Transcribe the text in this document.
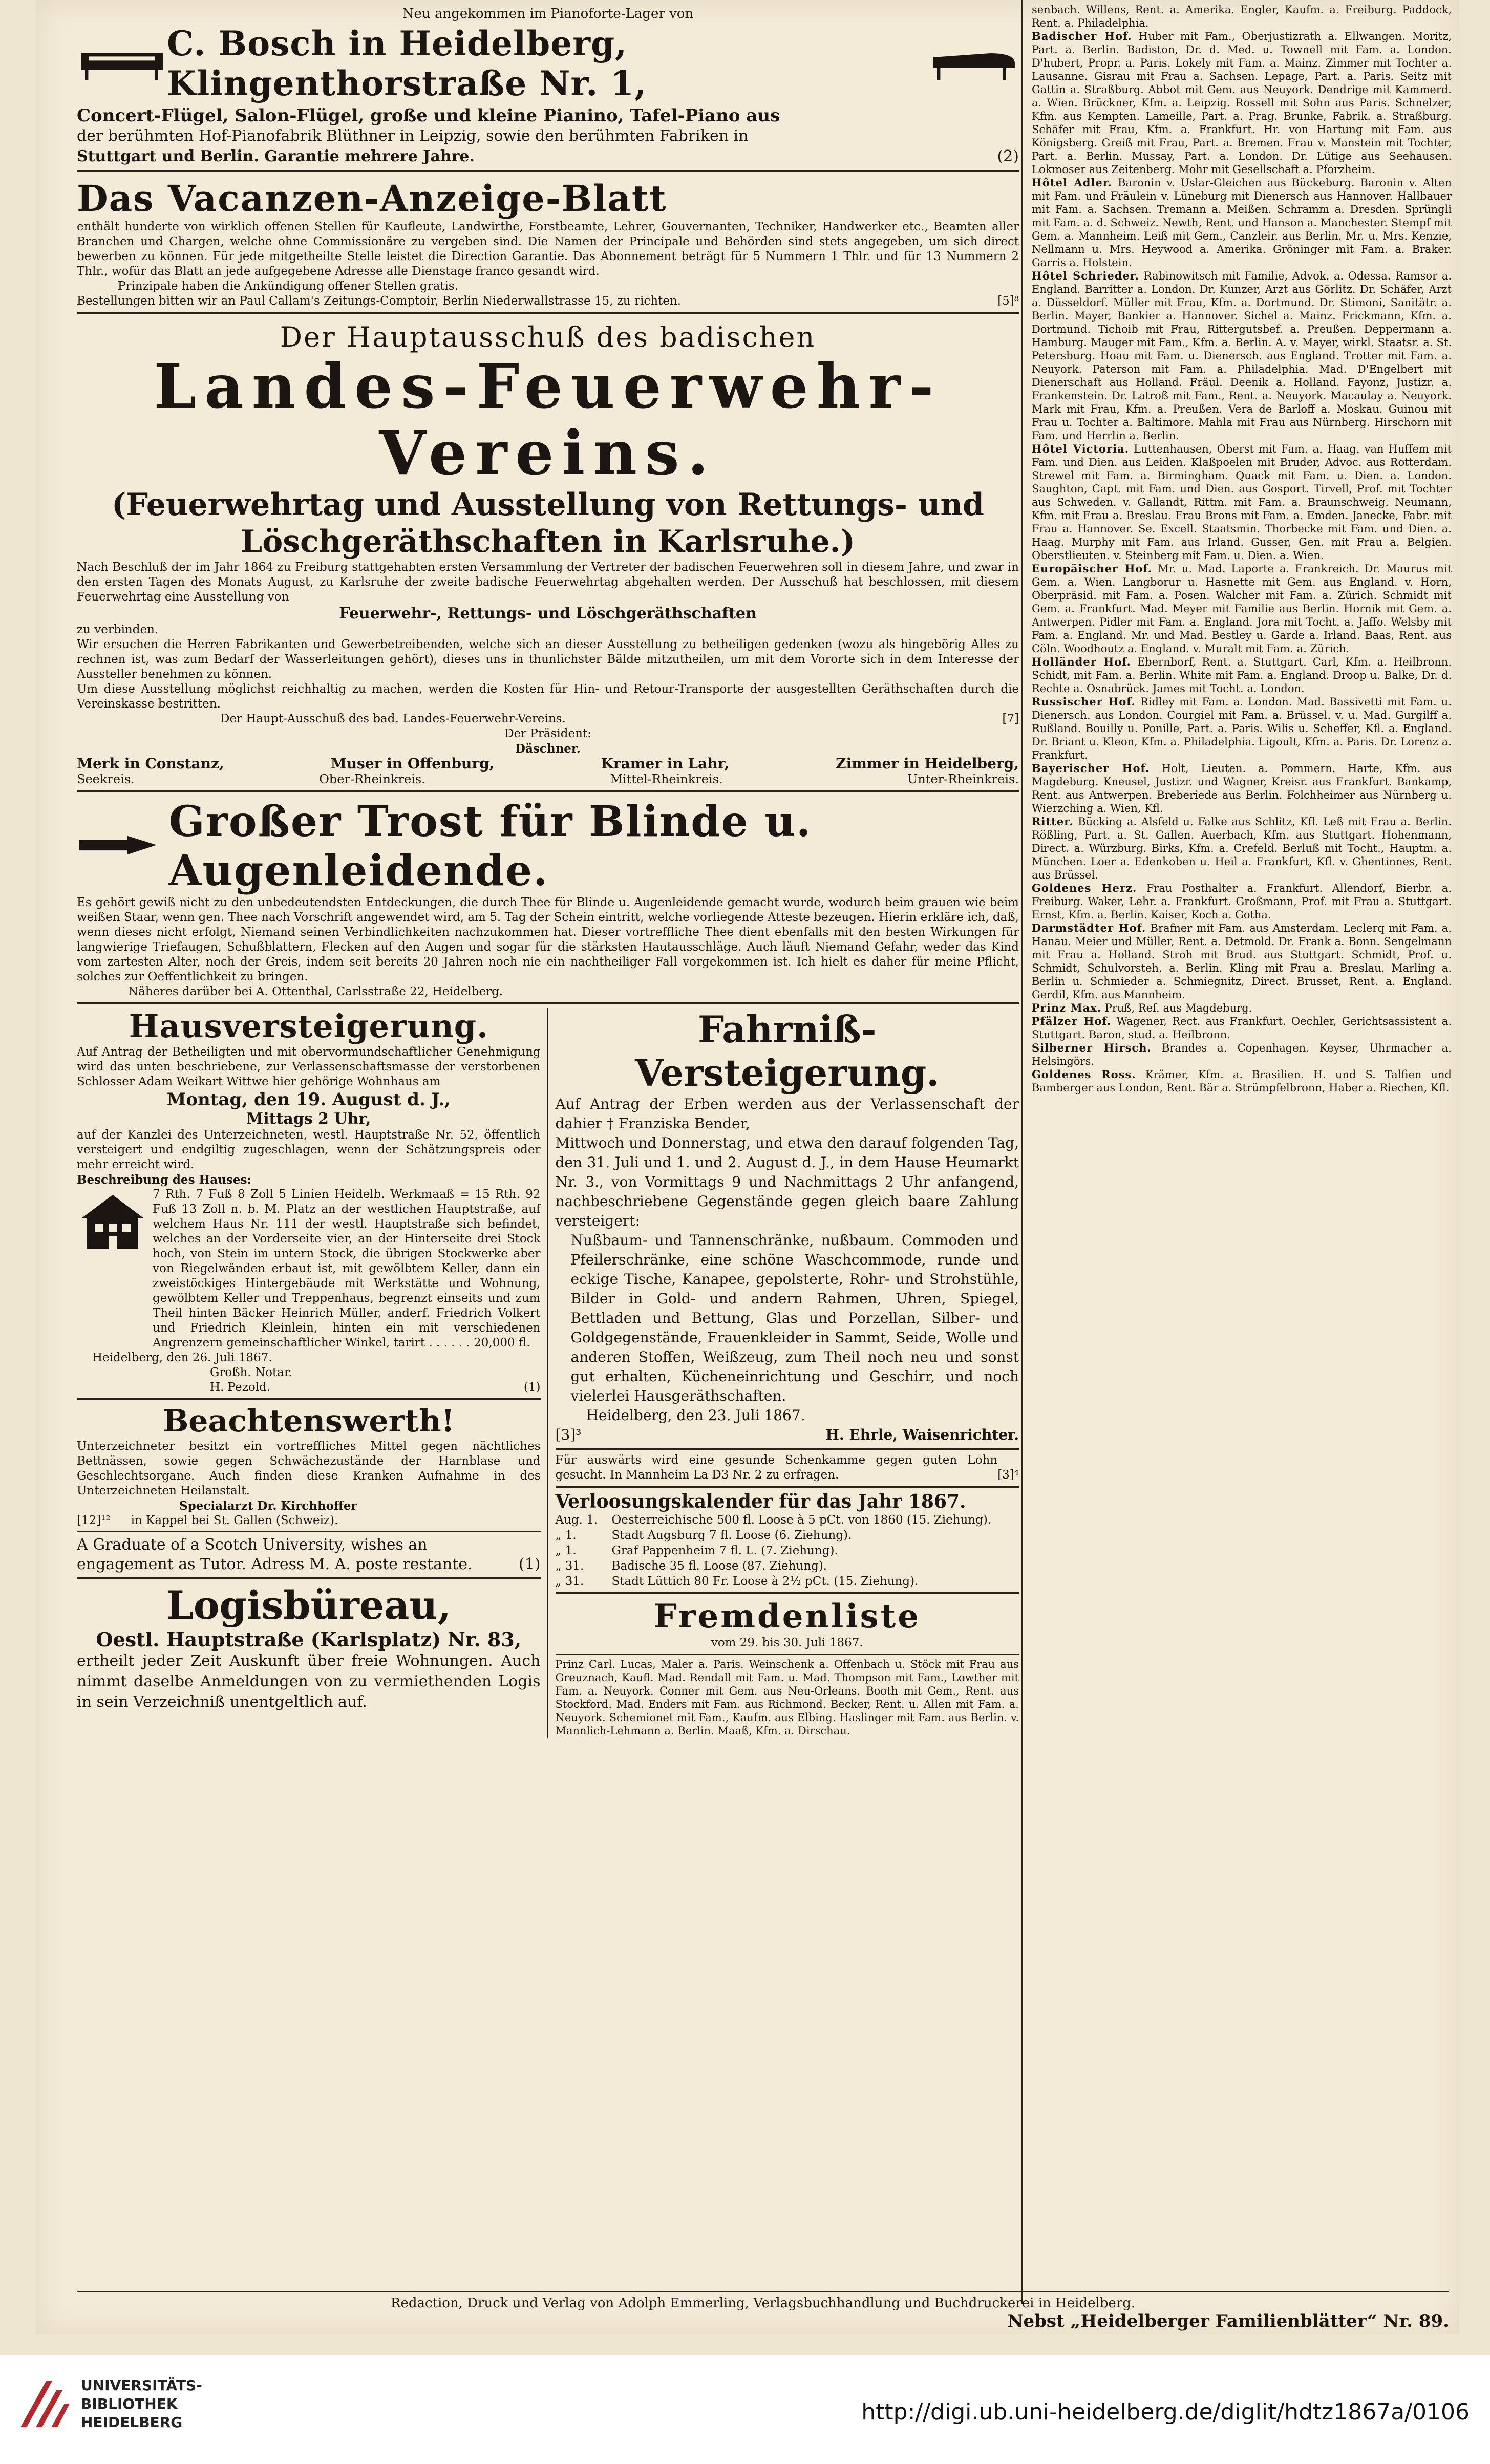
Neu angekommen im Pianoforte-Lager von
C. Bosch in Heidelberg, Klingenthorstraße Nr. 1,
Concert-Flügel, Salon-Flügel, große und kleine Pianino, Tafel-Piano aus
der berühmten Hof-Pianofabrik Blüthner in Leipzig, sowie den berühmten Fabriken in
Stuttgart und Berlin. Garantie mehrere Jahre.	(2)
Das Vacanzen-Anzeige-Blatt
enthält hunderte von wirklich offenen Stellen für Kaufleute, Landwirthe, Forstbeamte, Lehrer, Gouvernanten, Techniker, Handwerker etc., Beamten aller Branchen und Chargen, welche ohne Commissionäre zu vergeben sind. Die Namen der Principale und Behörden sind stets angegeben, um sich direct bewerben zu können. Für jede mitgetheilte Stelle leistet die Direction Garantie. Das Abonnement beträgt für 5 Nummern 1 Thlr. und für 13 Nummern 2 Thlr., wofür das Blatt an jede aufgegebene Adresse alle Dienstage franco gesandt wird.
Prinzipale haben die Ankündigung offener Stellen gratis.
Bestellungen bitten wir an Paul Callam's Zeitungs-Comptoir, Berlin Niederwallstrasse 15, zu richten.	[5]⁸
Der Hauptausschuß des badischen
Landes-Feuerwehr-Vereins.
(Feuerwehrtag und Ausstellung von Rettungs- und Löschgeräthschaften in Karlsruhe.)
Nach Beschluß der im Jahr 1864 zu Freiburg stattgehabten ersten Versammlung der Vertreter der badischen Feuerwehren soll in diesem Jahre, und zwar in den ersten Tagen des Monats August, zu Karlsruhe der zweite badische Feuerwehrtag abgehalten werden. Der Ausschuß hat beschlossen, mit diesem Feuerwehrtag eine Ausstellung von
Feuerwehr-, Rettungs- und Löschgeräthschaften
zu verbinden.
Wir ersuchen die Herren Fabrikanten und Gewerbetreibenden, welche sich an dieser Ausstellung zu betheiligen gedenken (wozu als hingebörig Alles zu rechnen ist, was zum Bedarf der Wasserleitungen gehört), dieses uns in thunlichster Bälde mitzutheilen, um mit dem Vororte sich in dem Interesse der Aussteller benehmen zu können.
Um diese Ausstellung möglichst reichhaltig zu machen, werden die Kosten für Hin- und Retour-Transporte der ausgestellten Geräthschaften durch die Vereinskasse bestritten.
Der Haupt-Ausschuß des bad. Landes-Feuerwehr-Vereins.	[7]
Der Präsident:
Däschner.
Merk in Constanz,	Muser in Offenburg,	Kramer in Lahr,	Zimmer in Heidelberg,
Seekreis.	Ober-Rheinkreis.	Mittel-Rheinkreis.	Unter-Rheinkreis.
Großer Trost für Blinde u. Augenleidende.
Es gehört gewiß nicht zu den unbedeutendsten Entdeckungen, die durch Thee für Blinde u. Augenleidende gemacht wurde, wodurch beim grauen wie beim weißen Staar, wenn gen. Thee nach Vorschrift angewendet wird, am 5. Tag der Schein eintritt, welche vorliegende Atteste bezeugen. Hierin erkläre ich, daß, wenn dieses nicht erfolgt, Niemand seinen Verbindlichkeiten nachzukommen hat. Dieser vortreffliche Thee dient ebenfalls mit den besten Wirkungen für langwierige Triefaugen, Schußblattern, Flecken auf den Augen und sogar für die stärksten Hautausschläge. Auch läuft Niemand Gefahr, weder das Kind vom zartesten Alter, noch der Greis, indem seit bereits 20 Jahren noch nie ein nachtheiliger Fall vorgekommen ist. Ich hielt es daher für meine Pflicht, solches zur Oeffentlichkeit zu bringen.
Näheres darüber bei A. Ottenthal, Carlsstraße 22, Heidelberg.
Hausversteigerung.
Auf Antrag der Betheiligten und mit obervormundschaftlicher Genehmigung wird das unten beschriebene, zur Verlassenschaftsmasse der verstorbenen Schlosser Adam Weikart Wittwe hier gehörige Wohnhaus am
Montag, den 19. August d. J.,
Mittags 2 Uhr,
auf der Kanzlei des Unterzeichneten, westl. Hauptstraße Nr. 52, öffentlich versteigert und endgiltig zugeschlagen, wenn der Schätzungspreis oder mehr erreicht wird.
Beschreibung des Hauses:
7 Rth. 7 Fuß 8 Zoll 5 Linien Heidelb. Werkmaaß = 15 Rth. 92 Fuß 13 Zoll n. b. M. Platz an der westlichen Hauptstraße, auf welchem Haus Nr. 111 der westl. Hauptstraße sich befindet, welches an der Vorderseite vier, an der Hinterseite drei Stock hoch, von Stein im untern Stock, die übrigen Stockwerke aber von Riegelwänden erbaut ist, mit gewölbtem Keller, dann ein zweistöckiges Hintergebäude mit Werkstätte und Wohnung, gewölbtem Keller und Treppenhaus, begrenzt einseits und zum Theil hinten Bäcker Heinrich Müller, anderf. Friedrich Volkert und Friedrich Kleinlein, hinten ein mit verschiedenen Angrenzern gemeinschaftlicher Winkel, tarirt . . . . . . 20,000 fl.
Heidelberg, den 26. Juli 1867.
Großh. Notar.
H. Pezold.	(1)
Beachtenswerth!
Unterzeichneter besitzt ein vortreffliches Mittel gegen nächtliches Bettnässen, sowie gegen Schwächezustände der Harnblase und Geschlechtsorgane. Auch finden diese Kranken Aufnahme in des Unterzeichneten Heilanstalt.
Specialarzt Dr. Kirchhoffer
[12]¹² in Kappel bei St. Gallen (Schweiz).
A Graduate of a Scotch University, wishes an engagement as Tutor. Adress M. A. poste restante.	(1)
Logisbüreau,
Oestl. Hauptstraße (Karlsplatz) Nr. 83,
ertheilt jeder Zeit Auskunft über freie Wohnungen. Auch nimmt daselbe Anmeldungen von zu vermiethenden Logis in sein Verzeichniß unentgeltlich auf.
Fahrniß-Versteigerung.
Auf Antrag der Erben werden aus der Verlassenschaft der dahier † Franziska Bender,
Mittwoch und Donnerstag, und etwa den darauf folgenden Tag, den 31. Juli und 1. und 2. August d. J., in dem Hause Heumarkt Nr. 3., von Vormittags 9 und Nachmittags 2 Uhr anfangend, nachbeschriebene Gegenstände gegen gleich baare Zahlung versteigert:
Nußbaum- und Tannenschränke, nußbaum. Commoden und Pfeilerschränke, eine schöne Waschcommode, runde und eckige Tische, Kanapee, gepolsterte, Rohr- und Strohstühle, Bilder in Gold- und andern Rahmen, Uhren, Spiegel, Bettladen und Bettung, Glas und Porzellan, Silber- und Goldgegenstände, Frauenkleider in Sammt, Seide, Wolle und anderen Stoffen, Weißzeug, zum Theil noch neu und sonst gut erhalten, Kücheneinrichtung und Geschirr, und noch vielerlei Hausgeräthschaften.
Heidelberg, den 23. Juli 1867.
[3]³	H. Ehrle, Waisenrichter.
Für auswärts wird eine gesunde Schenkamme gegen guten Lohn gesucht. In Mannheim La D3 Nr. 2 zu erfragen.	[3]⁴
Verloosungskalender für das Jahr 1867.
Aug. 1.	Oesterreichische 500 fl. Loose à 5 pCt. von 1860 (15. Ziehung).
„ 1.	Stadt Augsburg 7 fl. Loose (6. Ziehung).
„ 1.	Graf Pappenheim 7 fl. L. (7. Ziehung).
„ 31.	Badische 35 fl. Loose (87. Ziehung).
„ 31.	Stadt Lüttich 80 Fr. Loose à 2½ pCt. (15. Ziehung).
Fremdenliste
vom 29. bis 30. Juli 1867.
Prinz Carl. Lucas, Maler a. Paris. Weinschenk a. Offenbach u. Stöck mit Frau aus Greuznach, Kaufl. Mad. Rendall mit Fam. u. Mad. Thompson mit Fam., Lowther mit Fam. a. Neuyork. Conner mit Gem. aus Neu-Orleans. Booth mit Gem., Rent. aus Stockford. Mad. Enders mit Fam. aus Richmond. Becker, Rent. u. Allen mit Fam. a. Neuyork. Schemionet mit Fam., Kaufm. aus Elbing. Haslinger mit Fam. aus Berlin. v. Mannlich-Lehmann a. Berlin. Maaß, Kfm. a. Dirschau.
senbach. Willens, Rent. a. Amerika. Engler, Kaufm. a. Freiburg. Paddock, Rent. a. Philadelphia.
Badischer Hof. Huber mit Fam., Oberjustizrath a. Ellwangen. Moritz, Part. a. Berlin. Badiston, Dr. d. Med. u. Townell mit Fam. a. London. D'hubert, Propr. a. Paris. Lokely mit Fam. a. Mainz. Zimmer mit Tochter a. Lausanne. Gisrau mit Frau a. Sachsen. Lepage, Part. a. Paris. Seitz mit Gattin a. Straßburg. Abbot mit Gem. aus Neuyork. Dendrige mit Kammerd. a. Wien. Brückner, Kfm. a. Leipzig. Rossell mit Sohn aus Paris. Schnelzer, Kfm. aus Kempten. Lameille, Part. a. Prag. Brunke, Fabrik. a. Straßburg. Schäfer mit Frau, Kfm. a. Frankfurt. Hr. von Hartung mit Fam. aus Königsberg. Greiß mit Frau, Part. a. Bremen. Frau v. Manstein mit Tochter, Part. a. Berlin. Mussay, Part. a. London. Dr. Lütige aus Seehausen. Lokmoser aus Zeitenberg. Mohr mit Gesellschaft a. Pforzheim.
Hôtel Adler. Baronin v. Uslar-Gleichen aus Bückeburg. Baronin v. Alten mit Fam. und Fräulein v. Lüneburg mit Dienersch aus Hannover. Hallbauer mit Fam. a. Sachsen. Tremann a. Meißen. Schramm a. Dresden. Sprüngli mit Fam. a. d. Schweiz. Newth, Rent. und Hanson a. Manchester. Stempf mit Gem. a. Mannheim. Leiß mit Gem., Canzleir. aus Berlin. Mr. u. Mrs. Kenzie, Nellmann u. Mrs. Heywood a. Amerika. Gröninger mit Fam. a. Braker. Garris a. Holstein.
Hôtel Schrieder. Rabinowitsch mit Familie, Advok. a. Odessa. Ramsor a. England. Barritter a. London. Dr. Kunzer, Arzt aus Görlitz. Dr. Schäfer, Arzt a. Düsseldorf. Müller mit Frau, Kfm. a. Dortmund. Dr. Stimoni, Sanitätr. a. Berlin. Mayer, Bankier a. Hannover. Sichel a. Mainz. Frickmann, Kfm. a. Dortmund. Tichoib mit Frau, Rittergutsbef. a. Preußen. Deppermann a. Hamburg. Mauger mit Fam., Kfm. a. Berlin. A. v. Mayer, wirkl. Staatsr. a. St. Petersburg. Hoau mit Fam. u. Dienersch. aus England. Trotter mit Fam. a. Neuyork. Paterson mit Fam. a. Philadelphia. Mad. D'Engelbert mit Dienerschaft aus Holland. Fräul. Deenik a. Holland. Fayonz, Justizr. a. Frankenstein. Dr. Latroß mit Fam., Rent. a. Neuyork. Macaulay a. Neuyork. Mark mit Frau, Kfm. a. Preußen. Vera de Barloff a. Moskau. Guinou mit Frau u. Tochter a. Baltimore. Mahla mit Frau aus Nürnberg. Hirschorn mit Fam. und Herrlin a. Berlin.
Hôtel Victoria. Luttenhausen, Oberst mit Fam. a. Haag. van Huffem mit Fam. und Dien. aus Leiden. Klaßpoelen mit Bruder, Advoc. aus Rotterdam. Strewel mit Fam. a. Birmingham. Quack mit Fam. u. Dien. a. London. Saughton, Capt. mit Fam. und Dien. aus Gosport. Tirvell, Prof. mit Tochter aus Schweden. v. Gallandt, Rittm. mit Fam. a. Braunschweig. Neumann, Kfm. mit Frau a. Breslau. Frau Brons mit Fam. a. Emden. Janecke, Fabr. mit Frau a. Hannover. Se. Excell. Staatsmin. Thorbecke mit Fam. und Dien. a. Haag. Murphy mit Fam. aus Irland. Gusser, Gen. mit Frau a. Belgien. Oberstlieuten. v. Steinberg mit Fam. u. Dien. a. Wien.
Europäischer Hof. Mr. u. Mad. Laporte a. Frankreich. Dr. Maurus mit Gem. a. Wien. Langborur u. Hasnette mit Gem. aus England. v. Horn, Oberpräsid. mit Fam. a. Posen. Walcher mit Fam. a. Zürich. Schmidt mit Gem. a. Frankfurt. Mad. Meyer mit Familie aus Berlin. Hornik mit Gem. a. Antwerpen. Pidler mit Fam. a. England. Jora mit Tocht. a. Jaffo. Welsby mit Fam. a. England. Mr. und Mad. Bestley u. Garde a. Irland. Baas, Rent. aus Cöln. Woodhoutz a. England. v. Muralt mit Fam. a. Zürich.
Holländer Hof. Ebernborf, Rent. a. Stuttgart. Carl, Kfm. a. Heilbronn. Schidt, mit Fam. a. Berlin. White mit Fam. a. England. Droop u. Balke, Dr. d. Rechte a. Osnabrück. James mit Tocht. a. London.
Russischer Hof. Ridley mit Fam. a. London. Mad. Bassivetti mit Fam. u. Dienersch. aus London. Courgiel mit Fam. a. Brüssel. v. u. Mad. Gurgilff a. Rußland. Bouilly u. Ponille, Part. a. Paris. Wilis u. Scheffer, Kfl. a. England. Dr. Briant u. Kleon, Kfm. a. Philadelphia. Ligoult, Kfm. a. Paris. Dr. Lorenz a. Frankfurt.
Bayerischer Hof. Holt, Lieuten. a. Pommern. Harte, Kfm. aus Magdeburg. Kneusel, Justizr. und Wagner, Kreisr. aus Frankfurt. Bankamp, Rent. aus Antwerpen. Breberiede aus Berlin. Folchheimer aus Nürnberg u. Wierzching a. Wien, Kfl.
Ritter. Bücking a. Alsfeld u. Falke aus Schlitz, Kfl. Leß mit Frau a. Berlin. Rößling, Part. a. St. Gallen. Auerbach, Kfm. aus Stuttgart. Hohenmann, Direct. a. Würzburg. Birks, Kfm. a. Crefeld. Berluß mit Tocht., Hauptm. a. München. Loer a. Edenkoben u. Heil a. Frankfurt, Kfl. v. Ghentinnes, Rent. aus Brüssel.
Goldenes Herz. Frau Posthalter a. Frankfurt. Allendorf, Bierbr. a. Freiburg. Waker, Lehr. a. Frankfurt. Großmann, Prof. mit Frau a. Stuttgart. Ernst, Kfm. a. Berlin. Kaiser, Koch a. Gotha.
Darmstädter Hof. Brafner mit Fam. aus Amsterdam. Leclerq mit Fam. a. Hanau. Meier und Müller, Rent. a. Detmold. Dr. Frank a. Bonn. Sengelmann mit Frau a. Holland. Stroh mit Brud. aus Stuttgart. Schmidt, Prof. u. Schmidt, Schulvorsteh. a. Berlin. Kling mit Frau a. Breslau. Marling a. Berlin u. Schmieder a. Schmiegnitz, Direct. Brusset, Rent. a. England. Gerdil, Kfm. aus Mannheim.
Prinz Max. Pruß, Ref. aus Magdeburg.
Pfälzer Hof. Wagener, Rect. aus Frankfurt. Oechler, Gerichtsassistent a. Stuttgart. Baron, stud. a. Heilbronn.
Silberner Hirsch. Brandes a. Copenhagen. Keyser, Uhrmacher a. Helsingörs.
Goldenes Ross. Krämer, Kfm. a. Brasilien. H. und S. Talfien und Bamberger aus London, Rent. Bär a. Strümpfelbronn, Haber a. Riechen, Kfl.
Redaction, Druck und Verlag von Adolph Emmerling, Verlagsbuchhandlung und Buchdruckerei in Heidelberg.
Nebst „Heidelberger Familienblätter“ Nr. 89.
UNIVERSITÄTS-
BIBLIOTHEK
HEIDELBERG	http://digi.ub.uni-heidelberg.de/diglit/hdtz1867a/0106
